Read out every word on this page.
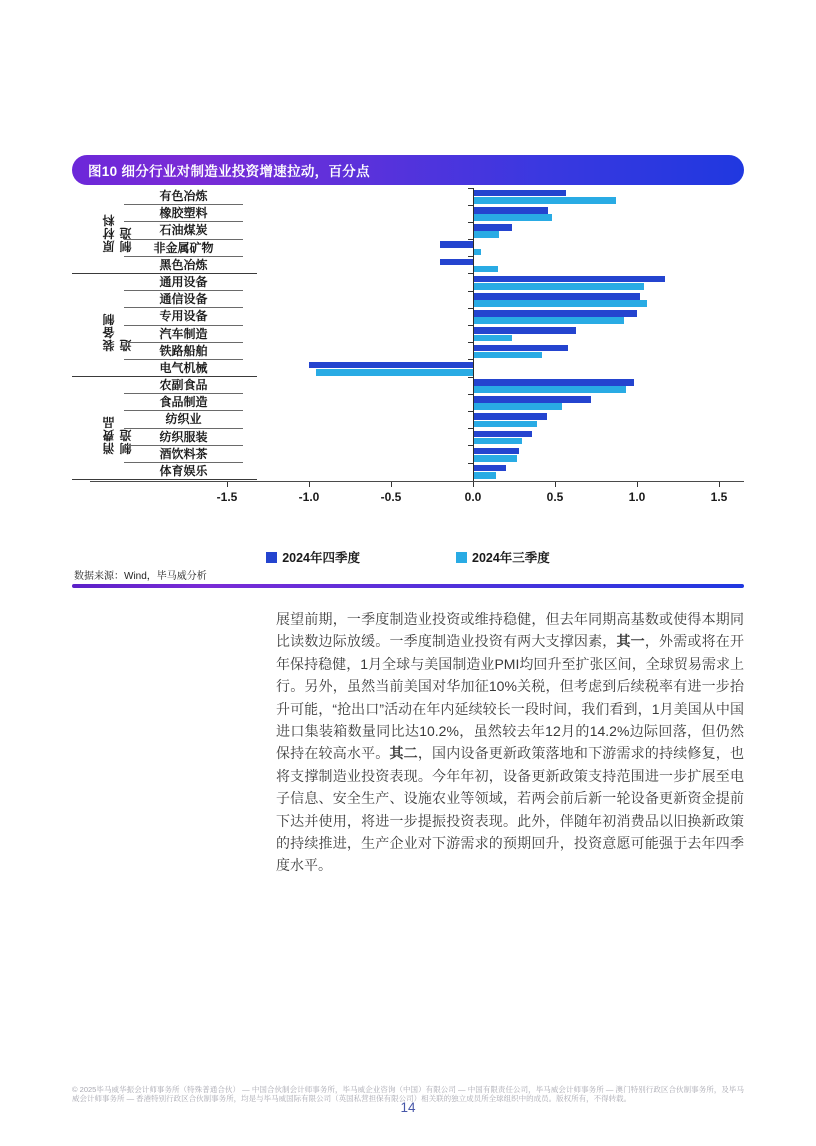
图10 细分行业对制造业投资增速拉动，百分点
原材料制造
有色冶炼
橡胶塑料
石油煤炭
非金属矿物
黑色冶炼
装备制造
通用设备
通信设备
专用设备
汽车制造
铁路船舶
电气机械
消费品制造
农副食品
食品制造
纺织业
纺织服装
酒饮料茶
体育娱乐
-1.5	-1.0	-0.5	0.0	0.5	1.0	1.5
2024年四季度	2024年三季度
数据来源：Wind，毕马威分析

展望前期，一季度制造业投资或维持稳健，但去年同期高基数或使得本期同比读数边际放缓。一季度制造业投资有两大支撑因素，其一，外需或将在开年保持稳健，1月全球与美国制造业PMI均回升至扩张区间，全球贸易需求上行。另外，虽然当前美国对华加征10%关税，但考虑到后续税率有进一步抬升可能，“抢出口”活动在年内延续较长一段时间，我们看到，1月美国从中国进口集装箱数量同比达10.2%，虽然较去年12月的14.2%边际回落，但仍然保持在较高水平。其二，国内设备更新政策落地和下游需求的持续修复，也将支撑制造业投资表现。今年年初，设备更新政策支持范围进一步扩展至电子信息、安全生产、设施农业等领域，若两会前后新一轮设备更新资金提前下达并使用，将进一步提振投资表现。此外，伴随年初消费品以旧换新政策的持续推进，生产企业对下游需求的预期回升，投资意愿可能强于去年四季度水平。

© 2025毕马威华振会计师事务所（特殊普通合伙） — 中国合伙制会计师事务所，毕马威企业咨询（中国）有限公司 — 中国有限责任公司，毕马威会计师事务所 — 澳门特别行政区合伙制事务所，及毕马威会计师事务所 — 香港特别行政区合伙制事务所，均是与毕马威国际有限公司（英国私营担保有限公司）相关联的独立成员所全球组织中的成员。版权所有，不得转载。

14
